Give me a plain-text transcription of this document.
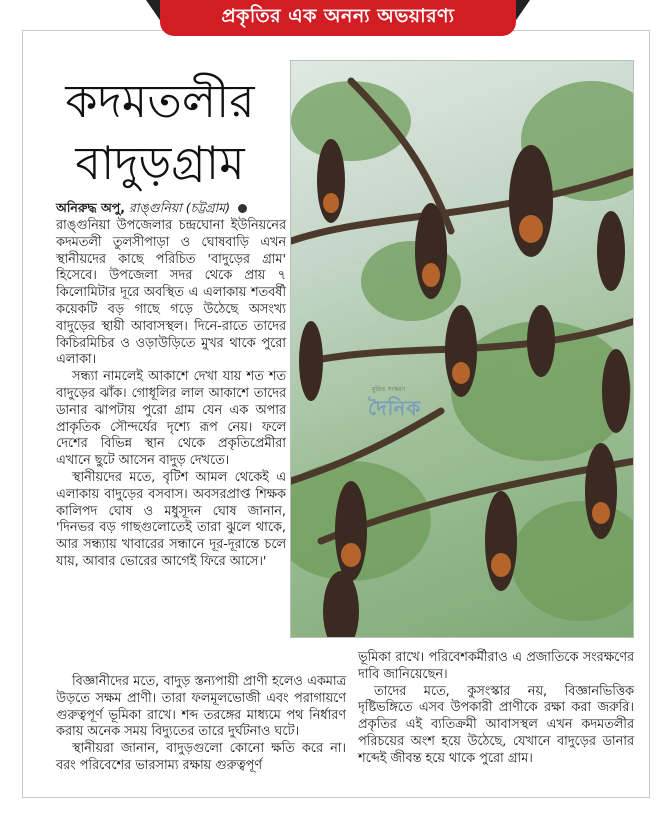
প্রকৃতির এক অনন্য অভয়ারণ্য
কদমতলীর
বাদুড়গ্রাম
অনিরুদ্ধ অপু, রাঙ্গুনিয়া (চট্টগ্রাম)

রাঙ্গুনিয়া উপজেলার চন্দ্রঘোনা ইউনিয়নের কদমতলী তুলসীপাড়া ও ঘোষবাড়ি এখন স্থানীয়দের কাছে পরিচিত 'বাদুড়ের গ্রাম' হিসেবে। উপজেলা সদর থেকে প্রায় ৭ কিলোমিটার দূরে অবস্থিত এ এলাকায় শতবর্ষী কয়েকটি বড় গাছে গড়ে উঠেছে অসংখ্য বাদুড়ের স্থায়ী আবাসস্থল। দিনে-রাতে তাদের কিচিরমিচির ও ওড়াউড়িতে মুখর থাকে পুরো এলাকা।

সন্ধ্যা নামলেই আকাশে দেখা যায় শত শত বাদুড়ের ঝাঁক। গোধূলির লাল আকাশে তাদের ডানার ঝাপটায় পুরো গ্রাম যেন এক অপার প্রাকৃতিক সৌন্দর্যের দৃশ্যে রূপ নেয়। ফলে দেশের বিভিন্ন স্থান থেকে প্রকৃতিপ্রেমীরা এখানে ছুটে আসেন বাদুড় দেখতে।

স্থানীয়দের মতে, বৃটিশ আমল থেকেই এ এলাকায় বাদুড়ের বসবাস। অবসরপ্রাপ্ত শিক্ষক কালিপদ ঘোষ ও মধুসূদন ঘোষ জানান, 'দিনভর বড় গাছগুলোতেই তারা ঝুলে থাকে, আর সন্ধ্যায় খাবারের সন্ধানে দূর-দূরান্তে চলে যায়, আবার ভোরের আগেই ফিরে আসে।'

মুদ্রিত সংস্করণ
দৈনিক

বিজ্ঞানীদের মতে, বাদুড় স্তন্যপায়ী প্রাণী হলেও একমাত্র উড়তে সক্ষম প্রাণী। তারা ফলমূলভোজী এবং পরাগায়ণে গুরুত্বপূর্ণ ভূমিকা রাখে। শব্দ তরঙ্গের মাধ্যমে পথ নির্ধারণ করায় অনেক সময় বিদ্যুতের তারে দুর্ঘটনাও ঘটে।

স্থানীয়রা জানান, বাদুড়গুলো কোনো ক্ষতি করে না। বরং পরিবেশের ভারসাম্য রক্ষায় গুরুত্বপূর্ণ

ভূমিকা রাখে। পরিবেশকর্মীরাও এ প্রজাতিকে সংরক্ষণের দাবি জানিয়েছেন।

তাদের মতে, কুসংস্কার নয়, বিজ্ঞানভিত্তিক দৃষ্টিভঙ্গিতে এসব উপকারী প্রাণীকে রক্ষা করা জরুরি। প্রকৃতির এই ব্যতিক্রমী আবাসস্থল এখন কদমতলীর পরিচয়ের অংশ হয়ে উঠেছে, যেখানে বাদুড়ের ডানার শব্দেই জীবন্ত হয়ে থাকে পুরো গ্রাম।
